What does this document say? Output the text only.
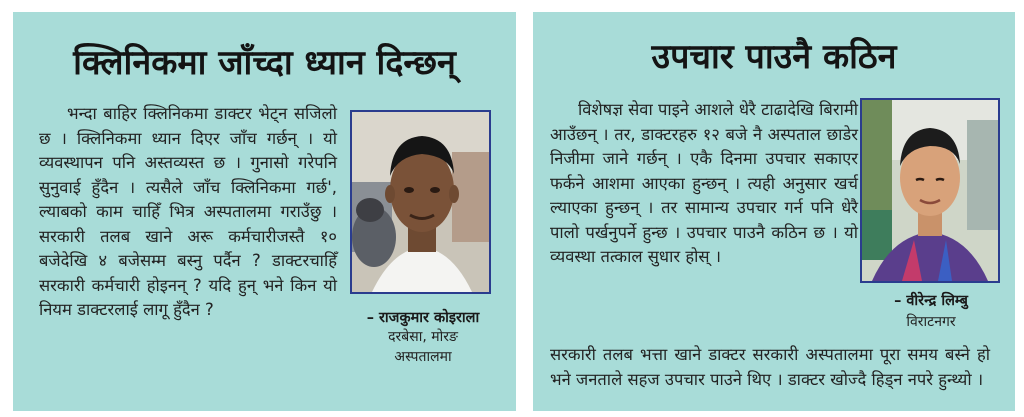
क्लिनिकमा जाँच्दा ध्यान दिन्छन्
भन्दा बाहिर क्लिनिकमा डाक्टर भेट्न सजिलो छ । क्लिनिकमा ध्यान दिएर जाँच गर्छन् । यो व्यवस्थापन पनि अस्तव्यस्त छ । गुनासो गरेपनि सुनुवाई हुँदैन । त्यसैले जाँच क्लिनिकमा गर्छ', ल्याबको काम चाहिँ भित्र अस्पतालमा गराउँछु । सरकारी तलब खाने अरू कर्मचारीजस्तै १० बजेदेखि ४ बजेसम्म बस्नु पर्दैन ? डाक्टरचाहिँ सरकारी कर्मचारी होइनन् ? यदि हुन् भने किन यो नियम डाक्टरलाई लागू हुँदैन ?	– राजकुमार कोइराला
दरबेसा, मोरङ
अस्पतालमा
उपचार पाउनै कठिन
विशेषज्ञ सेवा पाइने आशले धेरै टाढादेखि बिरामी आउँछन् । तर, डाक्टरहरु १२ बजे नै अस्पताल छाडेर निजीमा जाने गर्छन् । एकै दिनमा उपचार सकाएर फर्कने आशमा आएका हुन्छन् । त्यही अनुसार खर्च ल्याएका हुन्छन् । तर सामान्य उपचार गर्न पनि धेरै पालो पर्खनुपर्ने हुन्छ । उपचार पाउनै कठिन छ । यो व्यवस्था तत्काल सुधार होस् ।
सरकारी तलब भत्ता खाने डाक्टर सरकारी अस्पतालमा पूरा समय बस्ने हो भने जनताले सहज उपचार पाउने थिए । डाक्टर खोज्दै हिड्न नपरे हुन्थ्यो ।
– वीरेन्द्र लिम्बु
विराटनगर
